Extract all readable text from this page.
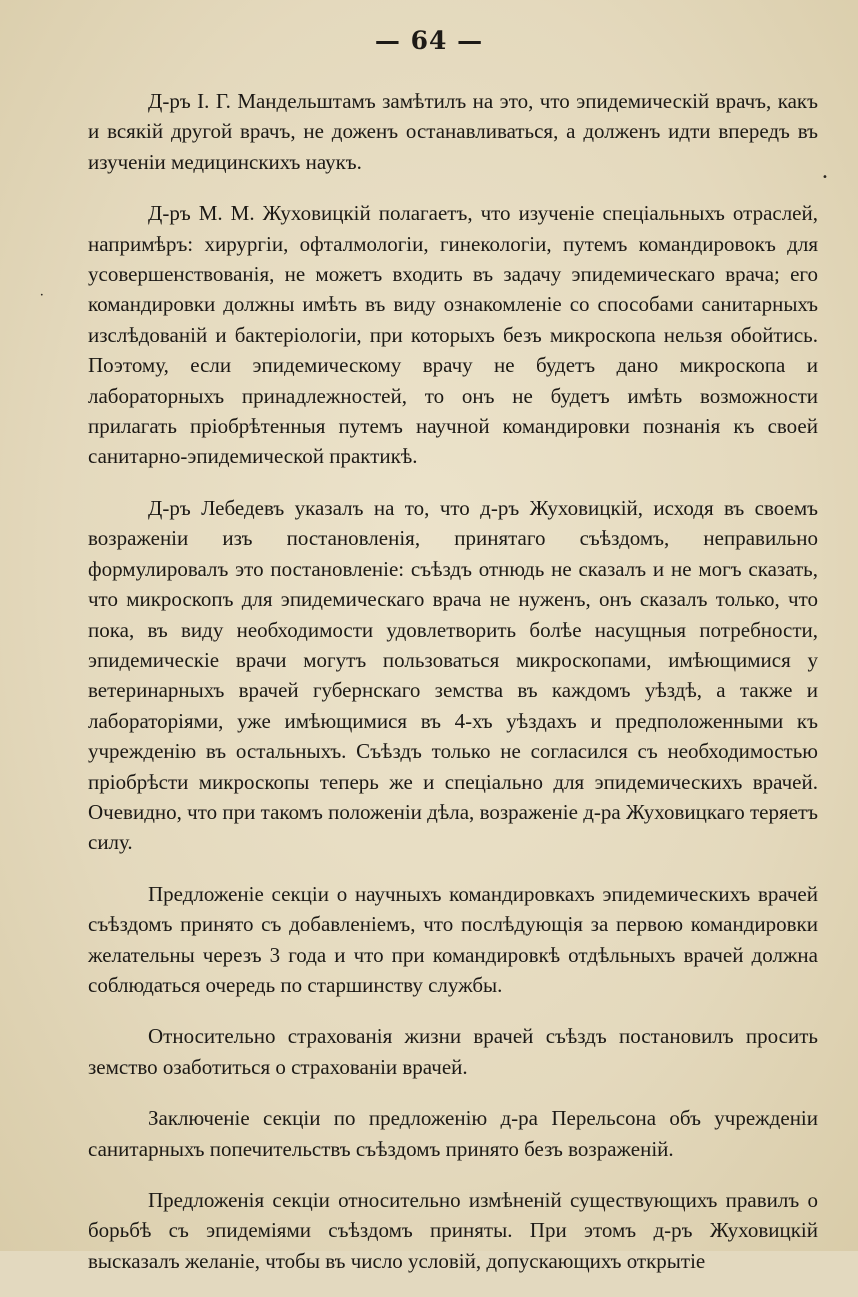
— 64 —

Д-ръ I. Г. Мандельштамъ замѣтилъ на это, что эпидемическій врачъ, какъ и всякій другой врачъ, не доженъ останавливаться, а долженъ идти впередъ въ изученіи медицинскихъ наукъ.

Д-ръ М. М. Жуховицкій полагаетъ, что изученіе спеціальныхъ отраслей, напримѣръ: хирургіи, офталмологіи, гинекологіи, путемъ командировокъ для усовершенствованія, не можетъ входить въ задачу эпидемическаго врача; его командировки должны имѣть въ виду ознакомленіе со способами санитарныхъ изслѣдованій и бактеріологіи, при которыхъ безъ микроскопа нельзя обойтись. Поэтому, если эпидемическому врачу не будетъ дано микроскопа и лабораторныхъ принадлежностей, то онъ не будетъ имѣть возможности прилагать пріобрѣтенныя путемъ научной командировки познанія къ своей санитарно-эпидемической практикѣ.

Д-ръ Лебедевъ указалъ на то, что д-ръ Жуховицкій, исходя въ своемъ возраженіи изъ постановленія, принятаго съѣздомъ, неправильно формулировалъ это постановленіе: съѣздъ отнюдь не сказалъ и не могъ сказать, что микроскопъ для эпидемическаго врача не нуженъ, онъ сказалъ только, что пока, въ виду необходимости удовлетворить болѣе насущныя потребности, эпидемическіе врачи могутъ пользоваться микроскопами, имѣющимися у ветеринарныхъ врачей губернскаго земства въ каждомъ уѣздѣ, а также и лабораторіями, уже имѣющимися въ 4-хъ уѣздахъ и предположенными къ учрежденію въ остальныхъ. Съѣздъ только не согласился съ необходимостью пріобрѣсти микроскопы теперь же и спеціально для эпидемическихъ врачей. Очевидно, что при такомъ положеніи дѣла, возраженіе д-ра Жуховицкаго теряетъ силу.

Предложеніе секціи о научныхъ командировкахъ эпидемическихъ врачей съѣздомъ принято съ добавленіемъ, что послѣдующія за первою командировки желательны черезъ 3 года и что при командировкѣ отдѣльныхъ врачей должна соблюдаться очередь по старшинству службы.

Относительно страхованія жизни врачей съѣздъ постановилъ просить земство озаботиться о страхованіи врачей.

Заключеніе секціи по предложенію д-ра Перельсона объ учрежденіи санитарныхъ попечительствъ съѣздомъ принято безъ возраженій.

Предложенія секціи относительно измѣненій существующихъ правилъ о борьбѣ съ эпидеміями съѣздомъ приняты. При этомъ д-ръ Жуховицкій высказалъ желаніе, чтобы въ число условій, допускающихъ открытіе

•
•
